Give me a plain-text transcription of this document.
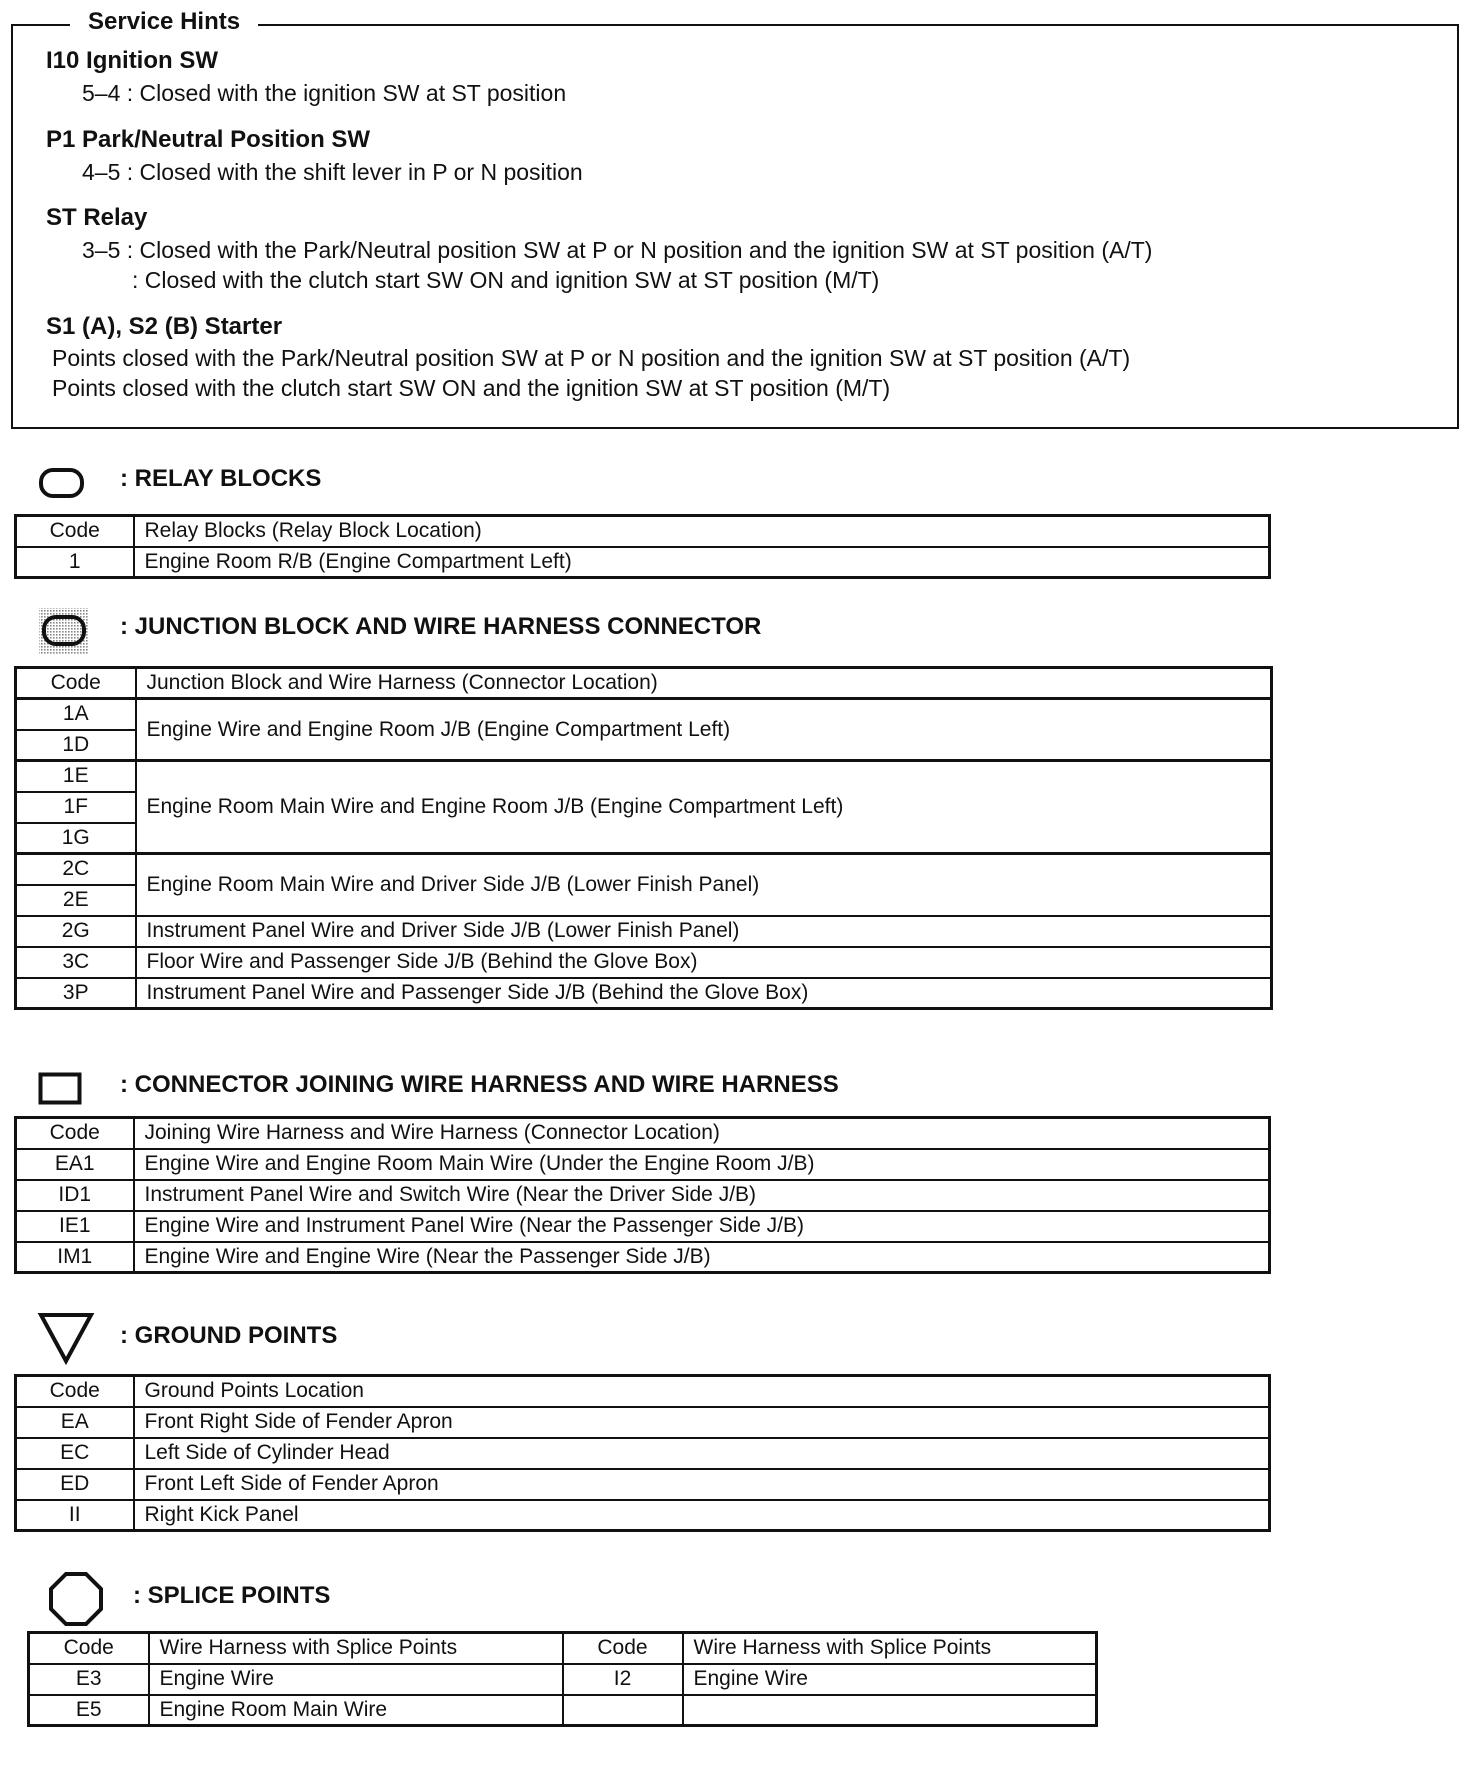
Service Hints
I10 Ignition SW
5–4 : Closed with the ignition SW at ST position
P1 Park/Neutral Position SW
4–5 : Closed with the shift lever in P or N position
ST Relay
3–5 : Closed with the Park/Neutral position SW at P or N position and the ignition SW at ST position (A/T)
: Closed with the clutch start SW ON and ignition SW at ST position (M/T)
S1 (A), S2 (B) Starter
Points closed with the Park/Neutral position SW at P or N position and the ignition SW at ST position (A/T)
Points closed with the clutch start SW ON and the ignition SW at ST position (M/T)
: RELAY BLOCKS
Code	Relay Blocks (Relay Block Location)
1	Engine Room R/B (Engine Compartment Left)
: JUNCTION BLOCK AND WIRE HARNESS CONNECTOR
Code	Junction Block and Wire Harness (Connector Location)
1A	Engine Wire and Engine Room J/B (Engine Compartment Left)
1D	
1E	Engine Room Main Wire and Engine Room J/B (Engine Compartment Left)
1F	
1G	
2C	Engine Room Main Wire and Driver Side J/B (Lower Finish Panel)
2E	
2G	Instrument Panel Wire and Driver Side J/B (Lower Finish Panel)
3C	Floor Wire and Passenger Side J/B (Behind the Glove Box)
3P	Instrument Panel Wire and Passenger Side J/B (Behind the Glove Box)
: CONNECTOR JOINING WIRE HARNESS AND WIRE HARNESS
Code	Joining Wire Harness and Wire Harness (Connector Location)
EA1	Engine Wire and Engine Room Main Wire (Under the Engine Room J/B)
ID1	Instrument Panel Wire and Switch Wire (Near the Driver Side J/B)
IE1	Engine Wire and Instrument Panel Wire (Near the Passenger Side J/B)
IM1	Engine Wire and Engine Wire (Near the Passenger Side J/B)
: GROUND POINTS
Code	Ground Points Location
EA	Front Right Side of Fender Apron
EC	Left Side of Cylinder Head
ED	Front Left Side of Fender Apron
II	Right Kick Panel
: SPLICE POINTS
Code	Wire Harness with Splice Points	Code	Wire Harness with Splice Points
E3	Engine Wire	I2	Engine Wire
E5	Engine Room Main Wire		
